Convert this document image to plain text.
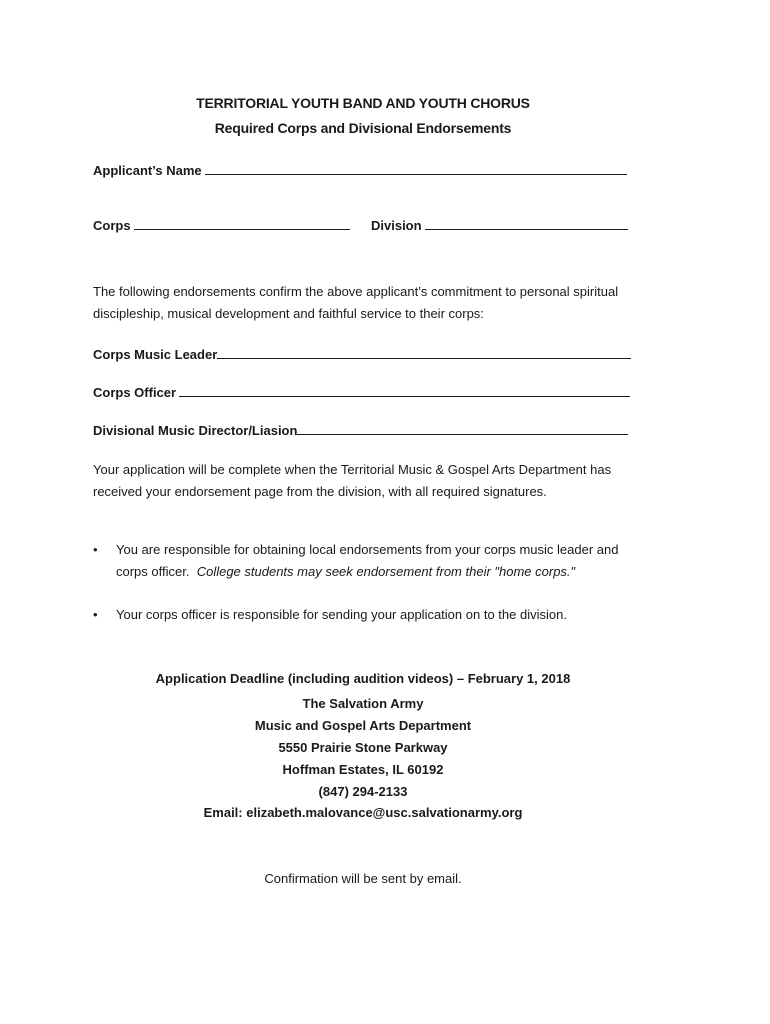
TERRITORIAL YOUTH BAND AND YOUTH CHORUS
Required Corps and Divisional Endorsements
Applicant’s Name
Corps	Division
The following endorsements confirm the above applicant’s commitment to personal spiritual discipleship, musical development and faithful service to their corps:
Corps Music Leader
Corps Officer
Divisional Music Director/Liasion
Your application will be complete when the Territorial Music & Gospel Arts Department has received your endorsement page from the division, with all required signatures.
•	You are responsible for obtaining local endorsements from your corps music leader and corps officer. College students may seek endorsement from their "home corps."
•	Your corps officer is responsible for sending your application on to the division.
Application Deadline (including audition videos) – February 1, 2018
The Salvation Army
Music and Gospel Arts Department
5550 Prairie Stone Parkway
Hoffman Estates, IL 60192
(847) 294-2133
Email: elizabeth.malovance@usc.salvationarmy.org
Confirmation will be sent by email.
